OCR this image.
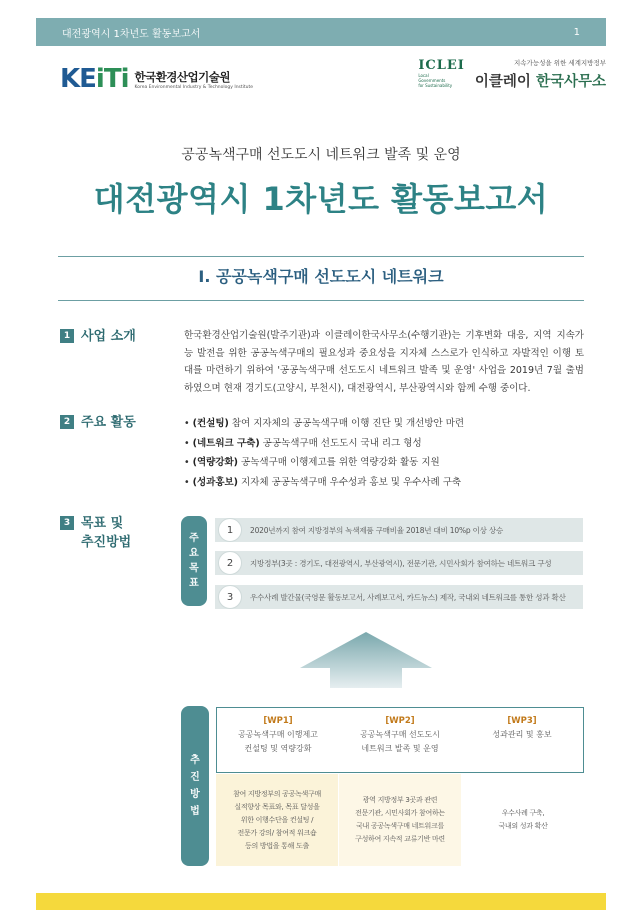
대전광역시 1차년도 활동보고서	1
KEiTi 한국환경산업기술원
Korea Environmental Industry & Technology Institute
ICLEI
Local
Governments
for Sustainability
지속가능성을 위한 세계지방정부
이클레이 한국사무소
공공녹색구매 선도도시 네트워크 발족 및 운영
대전광역시 1차년도 활동보고서
I. 공공녹색구매 선도도시 네트워크
1 사업 소개	한국환경산업기술원(발주기관)과 이클레이한국사무소(수행기관)는 기후변화 대응, 지역 지속가능 발전을 위한 공공녹색구매의 필요성과 중요성을 지자체 스스로가 인식하고 자발적인 이행 토대를 마련하기 위하여 '공공녹색구매 선도도시 네트워크 발족 및 운영' 사업을 2019년 7월 출범하였으며 현재 경기도(고양시, 부천시), 대전광역시, 부산광역시와 함께 수행 중이다.

2 주요 활동	• (컨설팅) 참여 지자체의 공공녹색구매 이행 진단 및 개선방안 마련
• (네트워크 구축) 공공녹색구매 선도도시 국내 리그 형성
• (역량강화) 공녹색구매 이행제고를 위한 역량강화 활동 지원
• (성과홍보) 지자체 공공녹색구매 우수성과 홍보 및 우수사례 구축
3 목표 및
추진방법	주
요
목
표
1	2020년까지 참여 지방정부의 녹색제품 구매비율 2018년 대비 10%p 이상 상승
2	지방정부(3곳 : 경기도, 대전광역시, 부산광역시), 전문기관, 시민사회가 참여하는 네트워크 구성
3	우수사례 발간물(국영문 활동보고서, 사례보고서, 카드뉴스) 제작, 국내외 네트워크를 통한 성과 확산
추
진
방
법
[WP1]
공공녹색구매 이행제고
컨설팅 및 역량강화
[WP2]
공공녹색구매 선도도시
네트워크 발족 및 운영
[WP3]
성과관리 및 홍보
참여 지방정부의 공공녹색구매
실적향상 목표와, 목표 달성을
위한 이행수단을 컨설팅 /
전문가 강의/ 참여적 워크숍
등의 방법을 통해 도출
광역 지방정부 3곳과 관련
전문기관, 시민사회가 참여하는
국내 공공녹색구매 네트워크를
구성하여 지속적 교류기반 마련
우수사례 구축,
국내외 성과 확산
